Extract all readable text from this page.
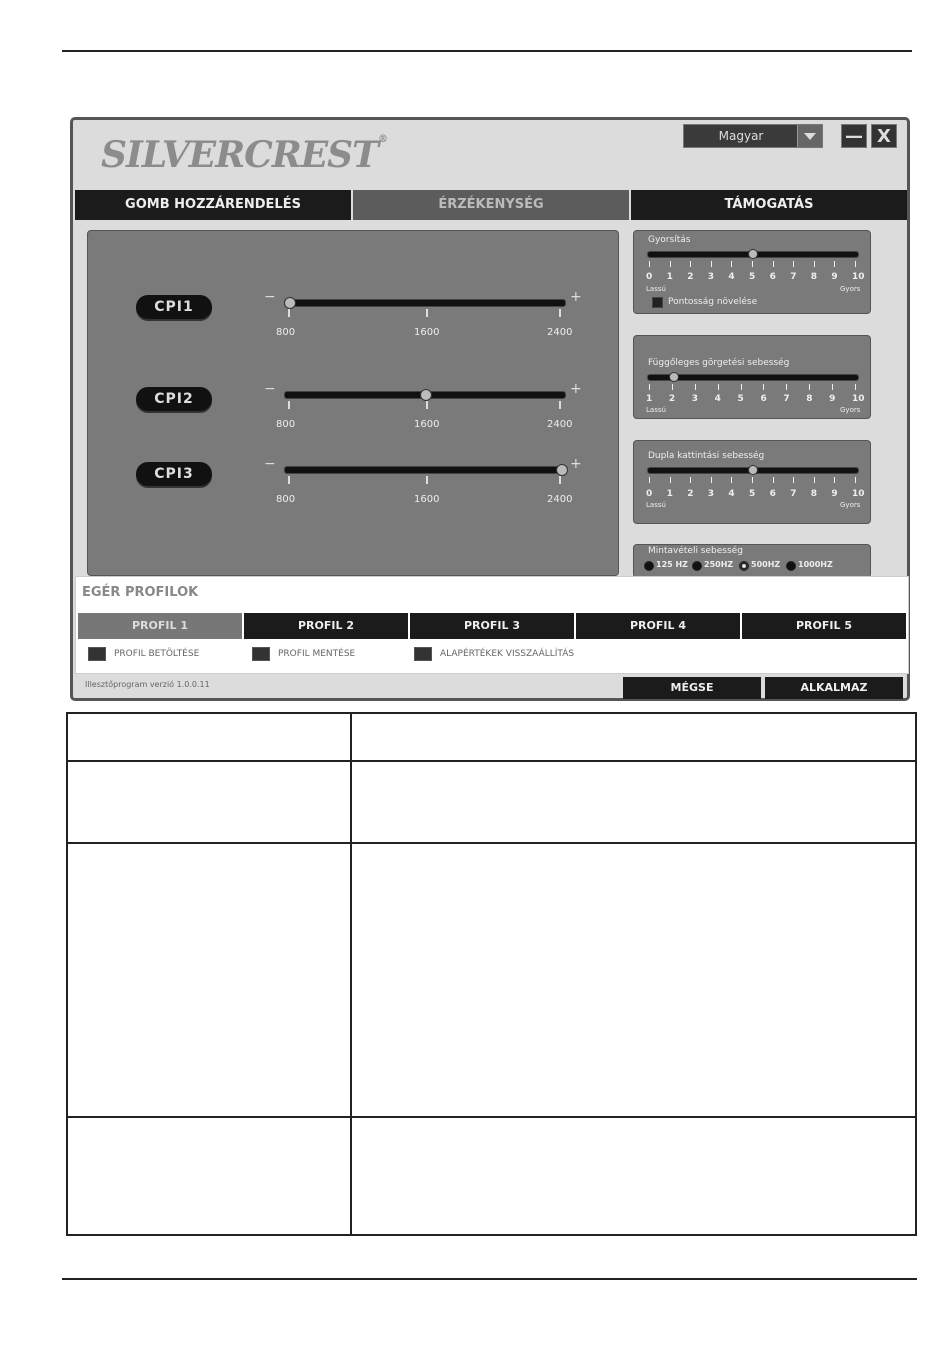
SILVERCREST®	Magyar	— X
GOMB HOZZÁRENDELÉS	ÉRZÉKENYSÉG	TÁMOGATÁS
CPI1
−	+
800	1600	2400
CPI2
−	+
800	1600	2400
CPI3
−	+
800	1600	2400
Gyorsítás
Lassú	Gyors
Pontosság növelése
0 1 2 3 4 5 6 7 8 9 10
Függőleges görgetési sebesség
Lassú	Gyors
1 2 3 4 5 6 7 8 9 10
Dupla kattintási sebesség
Lassú	Gyors
0 1 2 3 4 5 6 7 8 9 10
Mintavételi sebesség
125 HZ 250HZ 500HZ 1000HZ
EGÉR PROFILOK
PROFIL 1	PROFIL 2	PROFIL 3	PROFIL 4	PROFIL 5
PROFIL BETÖLTÉSE	PROFIL MENTÉSE	ALAPÉRTÉKEK VISSZAÁLLÍTÁS
Illesztőprogram verzió 1.0.0.11	MÉGSE	ALKALMAZ
